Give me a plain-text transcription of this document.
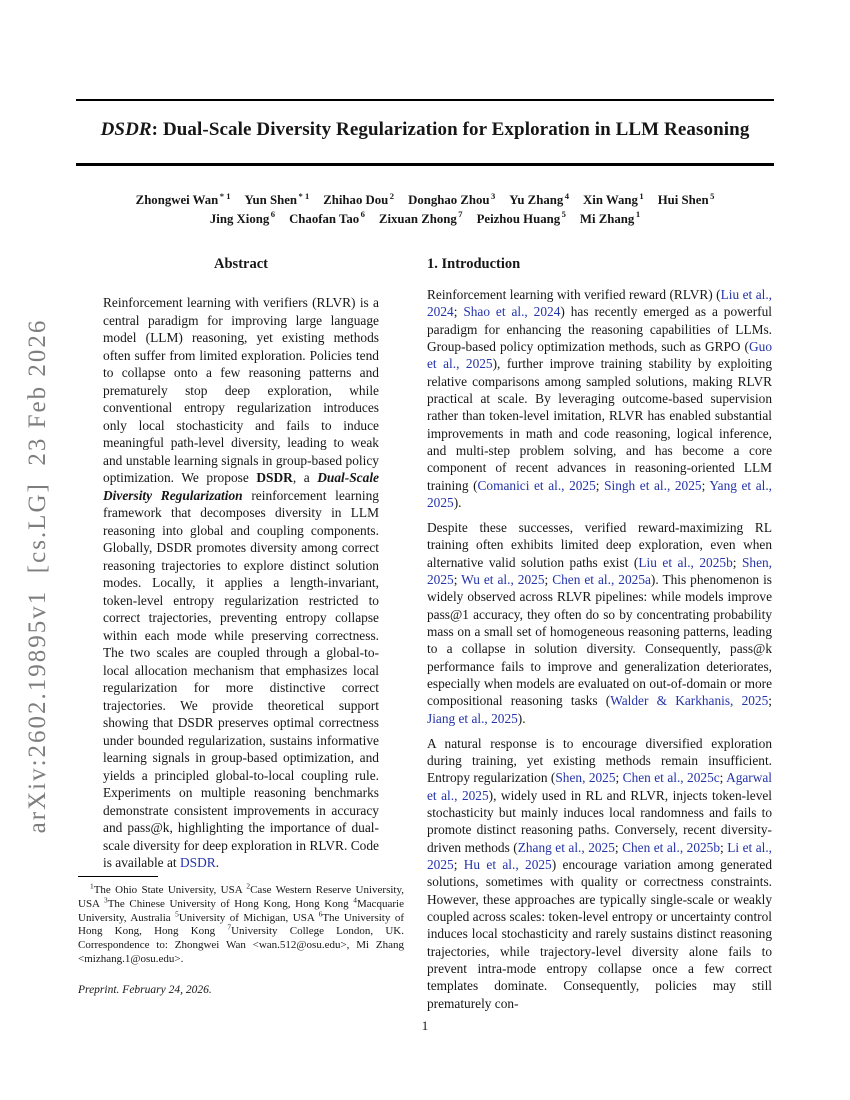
arXiv:2602.19895v1  [cs.LG]  23 Feb 2026
DSDR: Dual-Scale Diversity Regularization for Exploration in LLM Reasoning
Zhongwei Wan $^{* 1}$ Yun Shen $^{* 1}$ Zhihao Dou $^2$ Donghao Zhou $^3$ Yu Zhang $^4$ Xin Wang $^1$ Hui Shen $^5$
Jing Xiong $^6$ Chaofan Tao $^6$ Zixuan Zhong $^7$ Peizhou Huang $^5$ Mi Zhang $^1$
Abstract
Reinforcement learning with verifiers (RLVR) is a central paradigm for improving large language model (LLM) reasoning, yet existing methods often suffer from limited exploration. Policies tend to collapse onto a few reasoning patterns and prematurely stop deep exploration, while conventional entropy regularization introduces only local stochasticity and fails to induce meaningful path-level diversity, leading to weak and unstable learning signals in group-based policy optimization. We propose DSDR, a Dual-Scale Diversity Regularization reinforcement learning framework that decomposes diversity in LLM reasoning into global and coupling components. Globally, DSDR promotes diversity among correct reasoning trajectories to explore distinct solution modes. Locally, it applies a length-invariant, token-level entropy regularization restricted to correct trajectories, preventing entropy collapse within each mode while preserving correctness. The two scales are coupled through a global-to-local allocation mechanism that emphasizes local regularization for more distinctive correct trajectories. We provide theoretical support showing that DSDR preserves optimal correctness under bounded regularization, sustains informative learning signals in group-based optimization, and yields a principled global-to-local coupling rule. Experiments on multiple reasoning benchmarks demonstrate consistent improvements in accuracy and pass@k, highlighting the importance of dual-scale diversity for deep exploration in RLVR. Code is available at DSDR.
1. Introduction

Reinforcement learning with verified reward (RLVR) (Liu et al., 2024; Shao et al., 2024) has recently emerged as a powerful paradigm for enhancing the reasoning capabilities of LLMs. Group-based policy optimization methods, such as GRPO (Guo et al., 2025), further improve training stability by exploiting relative comparisons among sampled solutions, making RLVR practical at scale. By leveraging outcome-based supervision rather than token-level imitation, RLVR has enabled substantial improvements in math and code reasoning, logical inference, and multi-step problem solving, and has become a core component of recent advances in reasoning-oriented LLM training (Comanici et al., 2025; Singh et al., 2025; Yang et al., 2025).

Despite these successes, verified reward-maximizing RL training often exhibits limited deep exploration, even when alternative valid solution paths exist (Liu et al., 2025b; Shen, 2025; Wu et al., 2025; Chen et al., 2025a). This phenomenon is widely observed across RLVR pipelines: while models improve pass@1 accuracy, they often do so by concentrating probability mass on a small set of homogeneous reasoning patterns, leading to a collapse in solution diversity. Consequently, pass@k performance fails to improve and generalization deteriorates, especially when models are evaluated on out-of-domain or more compositional reasoning tasks (Walder & Karkhanis, 2025; Jiang et al., 2025).

A natural response is to encourage diversified exploration during training, yet existing methods remain insufficient. Entropy regularization (Shen, 2025; Chen et al., 2025c; Agarwal et al., 2025), widely used in RL and RLVR, injects token-level stochasticity but mainly induces local randomness and fails to promote distinct reasoning paths. Conversely, recent diversity-driven methods (Zhang et al., 2025; Chen et al., 2025b; Li et al., 2025; Hu et al., 2025) encourage variation among generated solutions, sometimes with quality or correctness constraints. However, these approaches are typically single-scale or weakly coupled across scales: token-level entropy or uncertainty control induces local stochasticity and rarely sustains distinct reasoning trajectories, while trajectory-level diversity alone fails to prevent intra-mode entropy collapse once a few correct templates dominate. Consequently, policies may still prematurely con-

$^1$The Ohio State University, USA $^2$Case Western Reserve University, USA $^3$The Chinese University of Hong Kong, Hong Kong $^4$Macquarie University, Australia $^5$University of Michigan, USA $^6$The University of Hong Kong, Hong Kong $^7$University College London, UK. Correspondence to: Zhongwei Wan <wan.512@osu.edu>, Mi Zhang <mizhang.1@osu.edu>.
Preprint. February 24, 2026.
1
